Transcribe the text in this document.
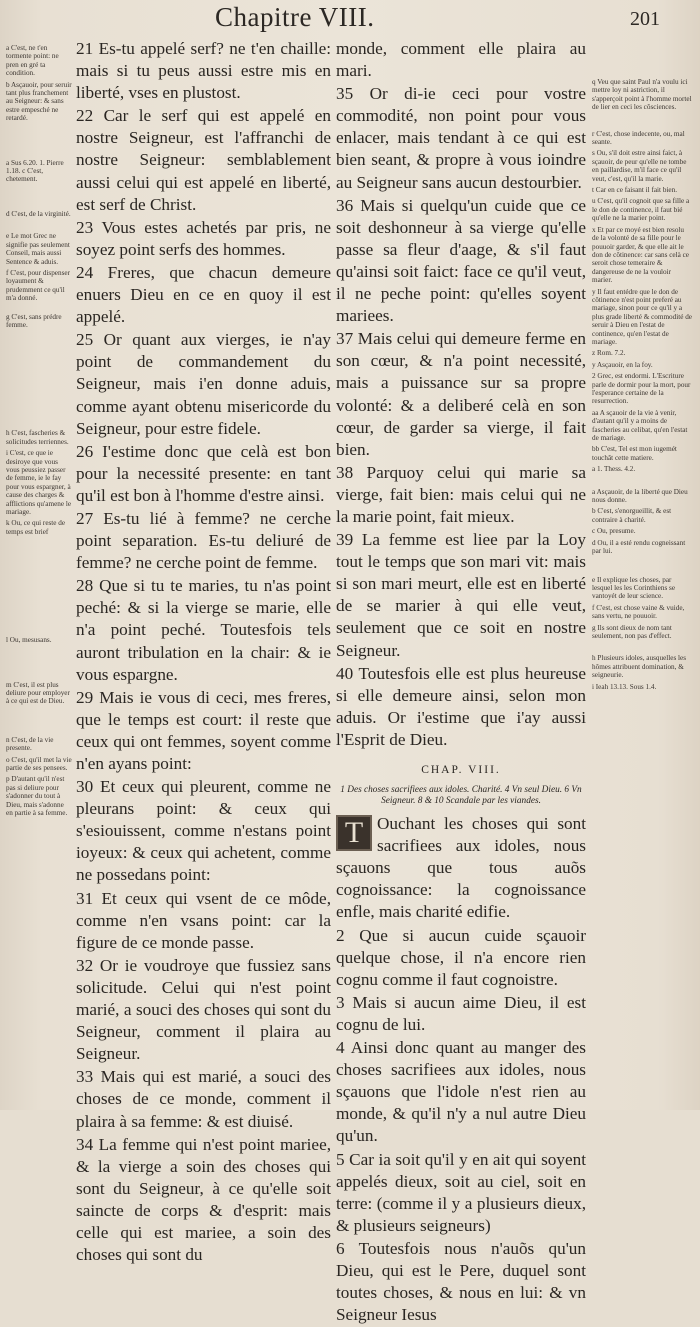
Chapitre VIII.	201
a C'est, ne t'en tormente point: ne pren en gré ta condition.
b Asçauoir, pour seruir tant plus franchement au Seigneur: & sans estre empesché ne retardé.
a Sus 6.20. 1. Pierre 1.18. c C'est, chetement.
d C'est, de la virginité.
e Le mot Grec ne signifie pas seulement Conseil, mais aussi Sentence & aduis.
f C'est, pour dispenser loyaument & prudemment ce qu'il m'a donné.
g C'est, sans prédre femme.
h C'est, fascheries & solicitudes terriennes.
i C'est, ce que ie desiroye que vous vous peussiez passer de femme, ie le fay pour vous espargner, à cause des charges & afflictions qu'amene le mariage.
k Ou, ce qui reste de temps est brief
l Ou, mesusans.
m C'est, il est plus deliure pour employer à ce qui est de Dieu.
n C'est, de la vie presente.
o C'est, qu'il met la vie partie de ses pensees.
p D'autant qu'il n'est pas si deliure pour s'adonner du tout à Dieu, mais s'adonne en partie à sa femme.

21 Es-tu appelé serf? ne t'en chaille: mais si tu peus aussi estre mis en liberté, vses en plustost.

22 Car le serf qui est appelé en nostre Seigneur, est l'affranchi de nostre Seigneur: semblablement aussi celui qui est appelé en liberté, est serf de Christ.

23 Vous estes achetés par pris, ne soyez point serfs des hommes.

24 Freres, que chacun demeure enuers Dieu en ce en quoy il est appelé.

25 Or quant aux vierges, ie n'ay point de commandement du Seigneur, mais i'en donne aduis, comme ayant obtenu misericorde du Seigneur, pour estre fidele.

26 I'estime donc que celà est bon pour la necessité presente: en tant qu'il est bon à l'homme d'estre ainsi.

27 Es-tu lié à femme? ne cerche point separation. Es-tu deliuré de femme? ne cerche point de femme.

28 Que si tu te maries, tu n'as point peché: & si la vierge se marie, elle n'a point peché. Toutesfois tels auront tribulation en la chair: & ie vous espargne.

29 Mais ie vous di ceci, mes freres, que le temps est court: il reste que ceux qui ont femmes, soyent comme n'en ayans point:

30 Et ceux qui pleurent, comme ne pleurans point: & ceux qui s'esiouissent, comme n'estans point ioyeux: & ceux qui achetent, comme ne possedans point:

31 Et ceux qui vsent de ce môde, comme n'en vsans point: car la figure de ce monde passe.

32 Or ie voudroye que fussiez sans solicitude. Celui qui n'est point marié, a souci des choses qui sont du Seigneur, comment il plaira au Seigneur.

33 Mais qui est marié, a souci des choses de ce monde, comment il plaira à sa femme: & est diuisé.

34 La femme qui n'est point mariee, & la vierge a soin des choses qui sont du Seigneur, à ce qu'elle soit saincte de corps & d'esprit: mais celle qui est mariee, a soin des choses qui sont du

monde, comment elle plaira au mari.

35 Or di-ie ceci pour vostre commodité, non point pour vous enlacer, mais tendant à ce qui est bien seant, & propre à vous ioindre au Seigneur sans aucun destourbier.

36 Mais si quelqu'un cuide que ce soit deshonneur à sa vierge qu'elle passe sa fleur d'aage, & s'il faut qu'ainsi soit faict: face ce qu'il veut, il ne peche point: qu'elles soyent mariees.

37 Mais celui qui demeure ferme en son cœur, & n'a point necessité, mais a puissance sur sa propre volonté: & a deliberé celà en son cœur, de garder sa vierge, il fait bien.

38 Parquoy celui qui marie sa vierge, fait bien: mais celui qui ne la marie point, fait mieux.

39 La femme est liee par la Loy tout le temps que son mari vit: mais si son mari meurt, elle est en liberté de se marier à qui elle veut, seulement que ce soit en nostre Seigneur.

40 Toutesfois elle est plus heureuse si elle demeure ainsi, selon mon aduis. Or i'estime que i'ay aussi l'Esprit de Dieu.

CHAP. VIII.
1 Des choses sacrifiees aux idoles. Charité. 4 Vn seul Dieu. 6 Vn Seigneur. 8 & 10 Scandale par les viandes.

T Ouchant les choses qui sont sacrifiees aux idoles, nous sçauons que tous auõs cognoissance: la cognoissance enfle, mais charité edifie.

2 Que si aucun cuide sçauoir quelque chose, il n'a encore rien cognu comme il faut cognoistre.

3 Mais si aucun aime Dieu, il est cognu de lui.

4 Ainsi donc quant au manger des choses sacrifiees aux idoles, nous sçauons que l'idole n'est rien au monde, & qu'il n'y a nul autre Dieu qu'un.

5 Car ia soit qu'il y en ait qui soyent appelés dieux, soit au ciel, soit en terre: (comme il y a plusieurs dieux, & plusieurs seigneurs)

6 Toutesfois nous n'auõs qu'un Dieu, qui est le Pere, duquel sont toutes choses, & nous en lui: & vn Seigneur Iesus

q Veu que saint Paul n'a voulu ici mettre loy ni astriction, il s'apperçoit point à l'homme mortel de lier en ceci les côsciences.
r C'est, chose indecente, ou, mal seante.
s Ou, s'il doit estre ainsi faict, à sçauoir, de peur qu'elle ne tombe en paillardise, m'il face ce qu'il veut, c'est, qu'il la marie.
t Car en ce faisant il fait bien.
u C'est, qu'il cognoit que sa fille a le don de continence, il faut bié qu'elle ne la marier point.
x Et par ce moyé est bien resolu de la volonté de sa fille pour le pouuoir garder, & que elle ait le don de côtinence: car sans celà ce seroit chose temeraire & dangereuse de ne la vouloir marier.
y Il faut entédre que le don de côtinence n'est point preferé au mariage, sinon pour ce qu'il y a plus grade liberté & commodité de seruir à Dieu en l'estat de continence, qu'en l'estat de mariage.
z Rom. 7.2.
y Asçauoir, en la foy.
2 Grec, est endormi. L'Escriture parle de dormir pour la mort, pour l'esperance certaine de la resurrection.
aa A sçauoir de la vie à venir, d'autant qu'il y a moins de fascheries au celibat, qu'en l'estat de mariage.
bb C'est, Tel est mon iugemét touchât cette matiere.
a 1. Thess. 4.2.
a Asçauoir, de la liberté que Dieu nous donne.
b C'est, s'enorgueillit, & est contraire à charité.
c Ou, presume.
d Ou, il a esté rendu cogneissant par lui.
e Il explique les choses, par lesquel les les Corinthiens se vantoyét de leur science.
f C'est, est chose vaine & vuide, sans vertu, ne pouuoir.
g Ils sont dieux de nom tant seulement, non pas d'effect.
h Plusieurs idoles, ausquelles les hômes attribuent domination, & seigneurie.
i Ieah 13.13. Sous 1.4.
